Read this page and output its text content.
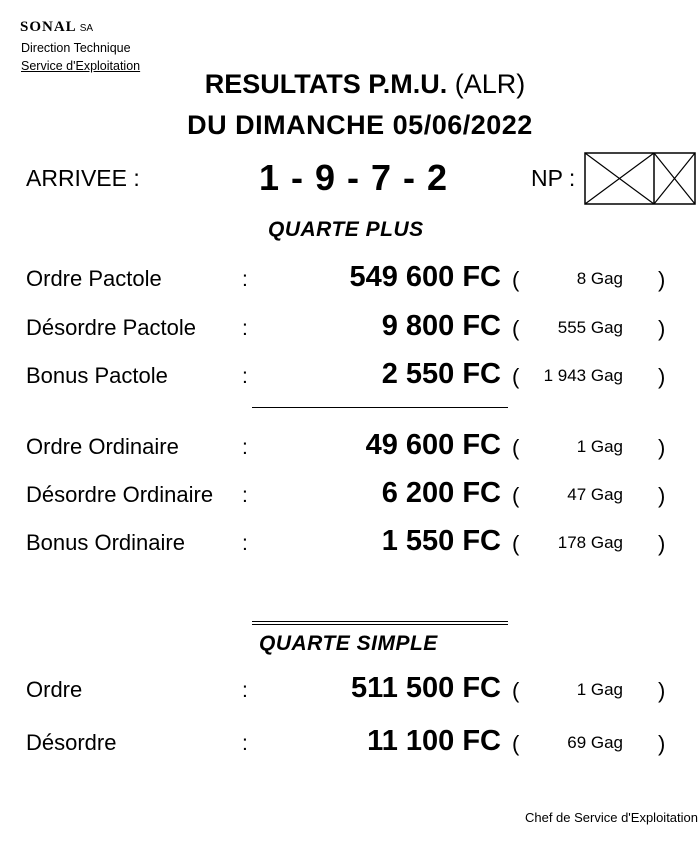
SONAL SA
Direction Technique
Service d'Exploitation
RESULTATS P.M.U. (ALR)
DU DIMANCHE 05/06/2022
ARRIVEE :	1 - 9 - 7 - 2	NP :
QUARTE PLUS
Ordre Pactole	:	549 600 FC (	8 Gag )
Désordre Pactole :	9 800 FC ( 555 Gag )
Bonus Pactole	:	2 550 FC ( 1 943 Gag )
Ordre Ordinaire	:	49 600 FC (	1 Gag )
Désordre Ordinaire :	6 200 FC (	47 Gag )
Bonus Ordinaire	:	1 550 FC ( 178 Gag )
QUARTE SIMPLE
Ordre	:	511 500 FC (	1 Gag )
Désordre	:	11 100 FC (	69 Gag )
Chef de Service d'Exploitation
